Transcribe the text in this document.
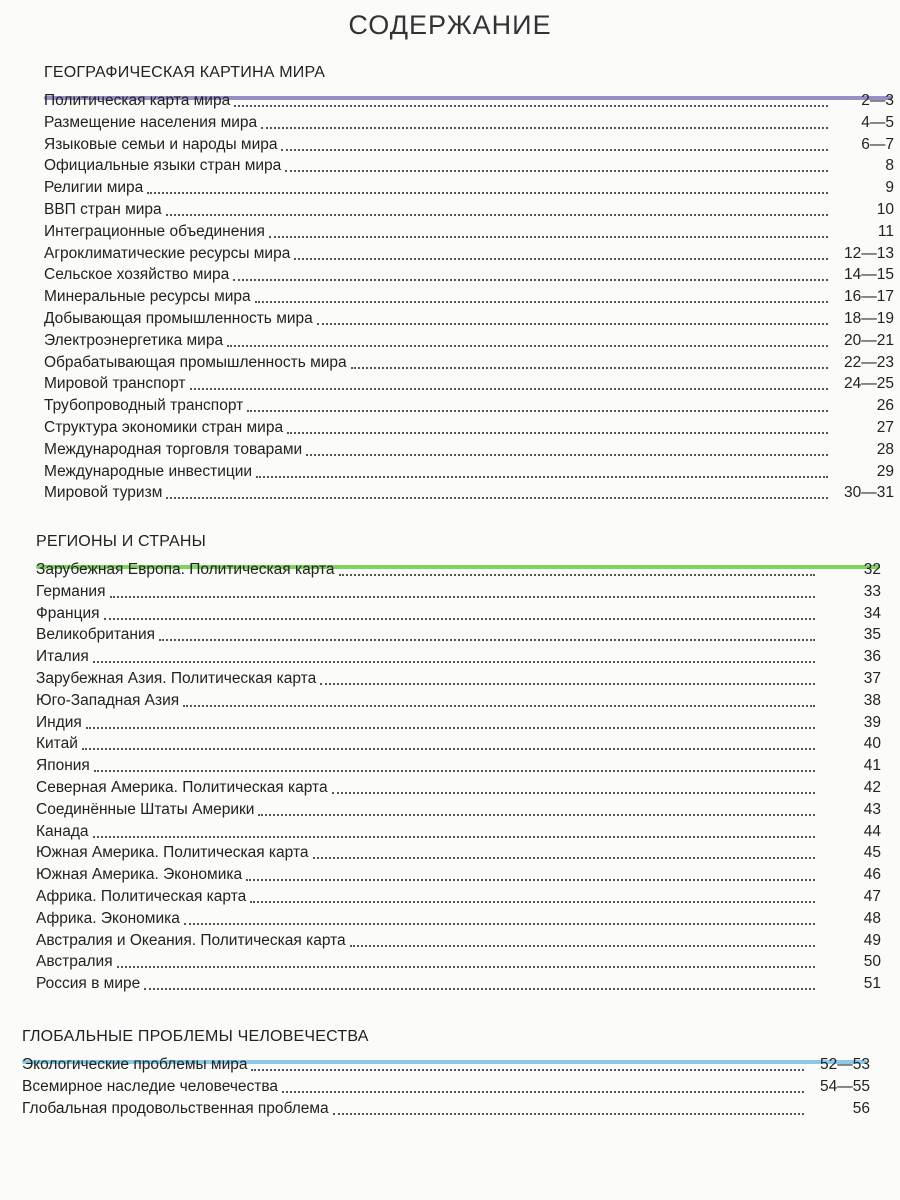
СОДЕРЖАНИЕ
ГЕОГРАФИЧЕСКАЯ КАРТИНА МИРА
Политическая карта мира	2—3
Размещение населения мира	4—5
Языковые семьи и народы мира	6—7
Официальные языки стран мира	8
Религии мира	9
ВВП стран мира	10
Интеграционные объединения	11
Агроклиматические ресурсы мира	12—13
Сельское хозяйство мира	14—15
Минеральные ресурсы мира	16—17
Добывающая промышленность мира	18—19
Электроэнергетика мира	20—21
Обрабатывающая промышленность мира	22—23
Мировой транспорт	24—25
Трубопроводный транспорт	26
Структура экономики стран мира	27
Международная торговля товарами	28
Международные инвестиции	29
Мировой туризм	30—31
РЕГИОНЫ И СТРАНЫ
Зарубежная Европа. Политическая карта	32
Германия	33
Франция	34
Великобритания	35
Италия	36
Зарубежная Азия. Политическая карта	37
Юго-Западная Азия	38
Индия	39
Китай	40
Япония	41
Северная Америка. Политическая карта	42
Соединённые Штаты Америки	43
Канада	44
Южная Америка. Политическая карта	45
Южная Америка. Экономика	46
Африка. Политическая карта	47
Африка. Экономика	48
Австралия и Океания. Политическая карта	49
Австралия	50
Россия в мире	51
ГЛОБАЛЬНЫЕ ПРОБЛЕМЫ ЧЕЛОВЕЧЕСТВА
Экологические проблемы мира	52—53
Всемирное наследие человечества	54—55
Глобальная продовольственная проблема	56
